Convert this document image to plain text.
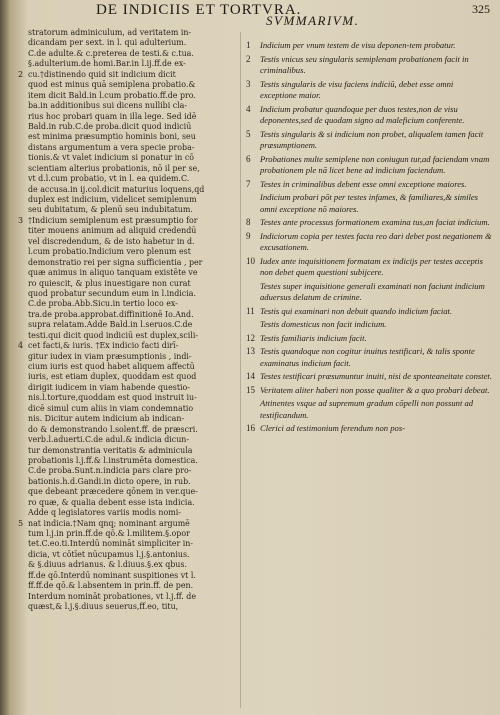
DE INDICIIS ET TORTVRA.
SVMMARIVM.
325
stratorum adminiculum, ad veritatem in-
dicandam per sext. in l. qui adulterium.
C.de adulte.& c.preterea de testi.& c.tua.
§.adulterium.de homi.Bar.in l.ij.ff.de ex-
2 cu.†distinendo quid sit indicium dicit
quod est minus quā semiplena probatio.&
item dicit Bald.in l.cum probatio.ff.de pro.
ba.in additionibus sui dicens nullibi cla-
rius hoc probari quam in illa lege. Sed idē
Bald.in rub.C.de proba.dicit quod indiciū
est minima præsumptio hominis boni, seu
distans argumentum a vera specie proba-
tionis.& vt valet indicium si ponatur in cō
scientiam alterius probationis, nō il per se,
vt d.l.cum probatio, vt in l. ea quidem.C.
de accusa.in ij.col.dicit maturius loquens,qd
duplex est indicium, videlicet semiplenum
seu dubitatum, & plenū seu indubitatum.
3 †Indicium semiplenum est præsumptio for
titer mouens animum ad aliquid credendū
vel discredendum, & de isto habetur in d.
l.cum probatio.Indicium vero plenum est
demonstratio rei per signa sufficientia , per
quæ animus in aliquo tanquam existēte ve
ro quiescit, & plus inuestigare non curat
quod probatur secundum eum in l.indicia.
C.de proba.Abb.Sicu.in tertio loco ex-
tra.de proba.approbat.diffinitionē Io.And.
supra relatam.Adde Bald.in l.seruos.C.de
testi.qui dicit quod indiciū est duplex,scili-
4 cet facti,& iuris. †Ex indicio facti dirī-
gitur iudex in viam præsumptionis , indi-
cium iuris est quod habet aliquem affectū
iuris, est etiam duplex, quoddam est quod
dirigit iudicem in viam habende questio-
nis.l.torture,quoddam est quod instruit iu-
dicē simul cum aliis in viam condemnatio
nis. Dicitur autem indicium ab indican-
do & demonstrando l.solent.ff. de præscri.
verb.l.aduerti.C.de adul.& indicia dicun-
tur demonstrantia veritatis & adminicula
probationis l.j.ff.& l.instrumēta domestica.
C.de proba.Sunt.n.indicia pars clare pro-
bationis.h.d.Gandi.in dicto opere, in rub.
que debeant præcedere qōnem in ver.que-
ro quæ, & qualia debent esse ista indicia.
Adde q legislatores variis modis nomi-
5 nat indicia.†Nam qnq; nominant argumē
tum l.j.in prin.ff.de qō.& l.militem.§.opor
tet.C.eo.ti.Interdū nomināt simpliciter in-
dicia, vt cōtīet nūcupamus l.j.§.antonius.
& §.diuus adrianus. & l.diuus.§.ex qbus.
ff.de qō.Interdū nominant suspitiones vt l.
ff.ff.de qō.& l.absentem in prin.ff. de pen.
Interdum nomināt probationes, vt l.j.ff. de
quæst,& l.j.§.diuus seuerus,ff.eo, titu,
1 Indicium per vnum testem de visu deponen-tem probatur.
2 Testis vnicus seu singularis semiplenam probationem facit in criminalibus.
3 Testis singularis de visu faciens indiciū, debet esse omni exceptione maior.
4 Indicium probatur quandoque per duos testes,non de visu deponentes,sed de quodam signo ad maleficium conferente.
5 Testis singularis & si indicium non probet, aliqualem tamen facit præsumptionem.
6 Probationes multe semiplene non coniugun tur,ad faciendam vnam probationem ple nā licet bene ad indicium faciendum.
7 Testes in criminalibus debent esse omni exceptione maiores.
Indicium probari pōt per testes infames, & familiares,& similes omni exceptione nō maiores.
8 Testes ante processus formationem examina tus,an faciat indicium.
9 Indiciorum copia per testes facta reo dari debet post negationem & excusationem.
10 Iudex ante inquisitionem formatam ex indicijs per testes acceptis non debet quem questioni subijcere.
Testes super inquisitione generali examinati non faciunt indicium aduersus delatum de crimine.
11 Testis qui examinari non debuit quando indicium faciat.
Testis domesticus non facit indicium.
12 Testis familiaris indicium facit.
13 Testis quandoque non cogitur inuitus testificari, & talis sponte examinatus indicium facit.
14 Testes testificari præsumuntur inuiti, nisi de sponteaneitate constet.
15 Veritatem aliter haberi non posse qualiter & a quo probari debeat.
Attinentes vsque ad supremum gradum cōpelli non possunt ad testificandum.
16 Clerici ad testimonium ferendum non pos-
